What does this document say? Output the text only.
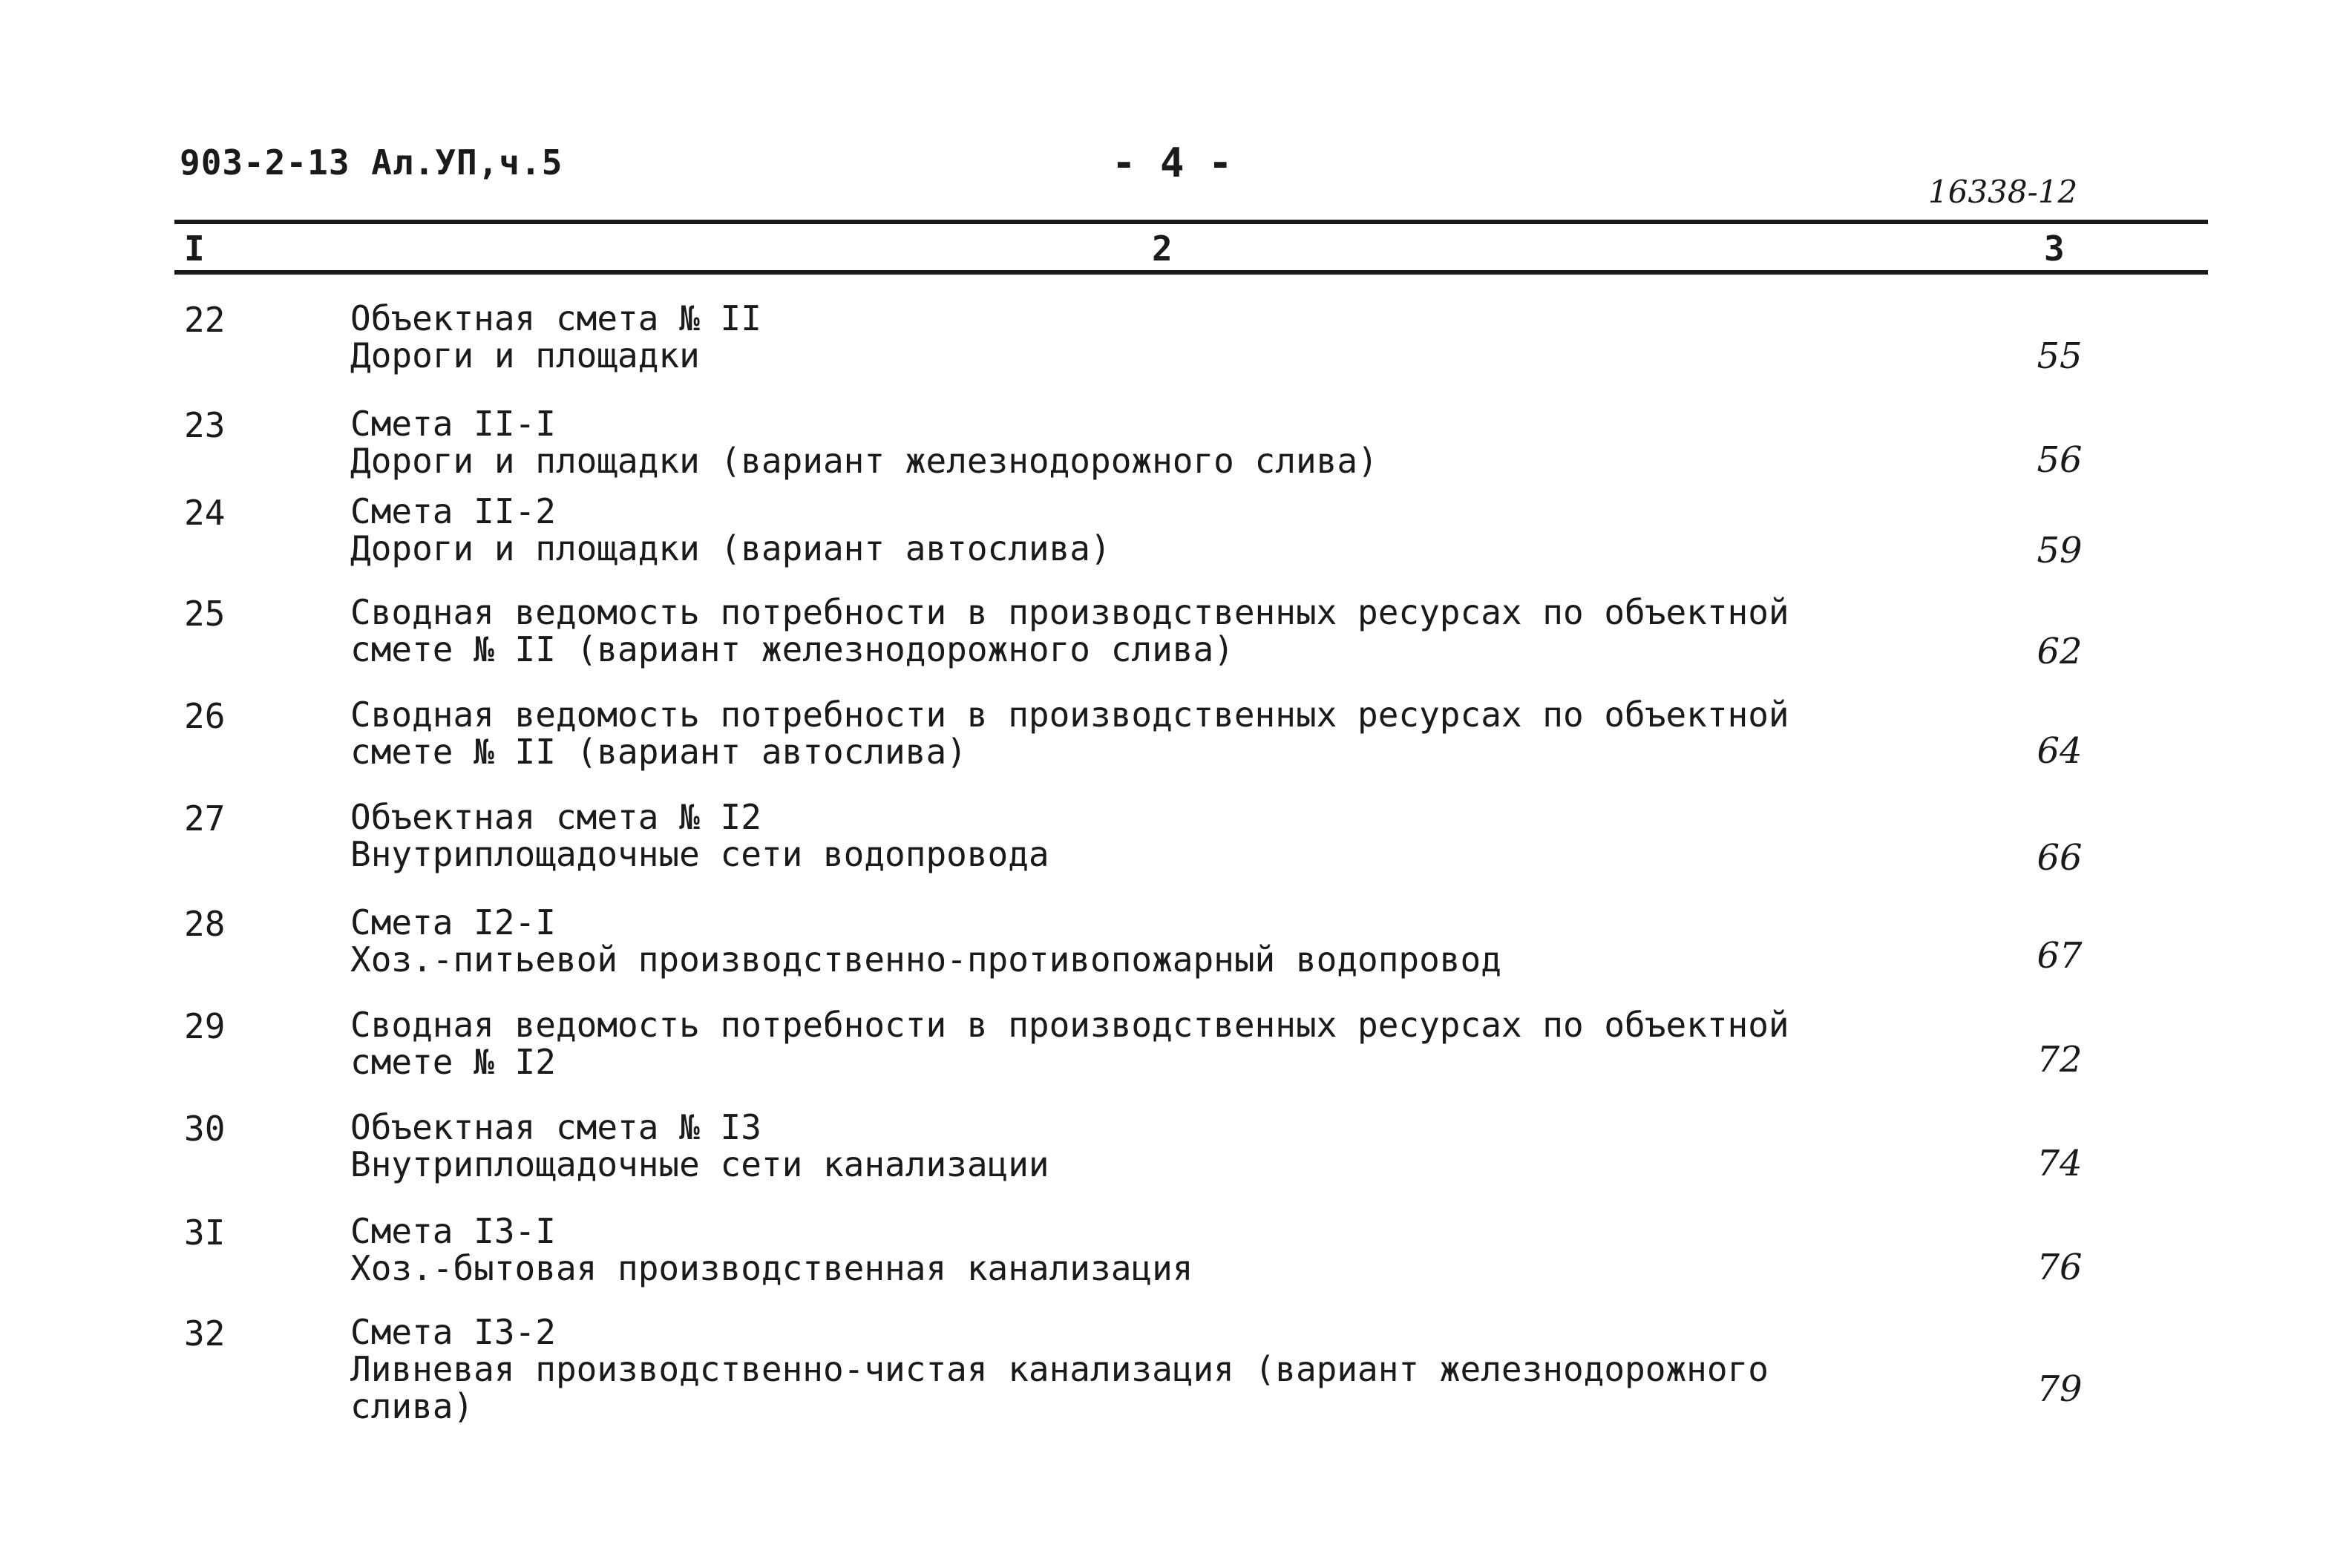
903-2-13 Ал.УП,ч.5	- 4 -
16338-12
I	2	3
22	Объектная смета № II
Дороги и площадки	55
23	Смета II-I
Дороги и площадки (вариант железнодорожного слива)	56
24	Смета II-2
Дороги и площадки (вариант автослива)	59
25	Сводная ведомость потребности в производственных ресурсах по объектной
смете № II (вариант железнодорожного слива)	62
26	Сводная ведомость потребности в производственных ресурсах по объектной
смете № II (вариант автослива)	64
27	Объектная смета № I2
Внутриплощадочные сети водопровода	66
28	Смета I2-I
Хоз.-питьевой производственно-противопожарный водопровод	67
29	Сводная ведомость потребности в производственных ресурсах по объектной
смете № I2	72
30	Объектная смета № I3
Внутриплощадочные сети канализации	74
3I	Смета I3-I
Хоз.-бытовая производственная канализация	76
32	Смета I3-2
Ливневая производственно-чистая канализация (вариант железнодорожного
слива)	79
